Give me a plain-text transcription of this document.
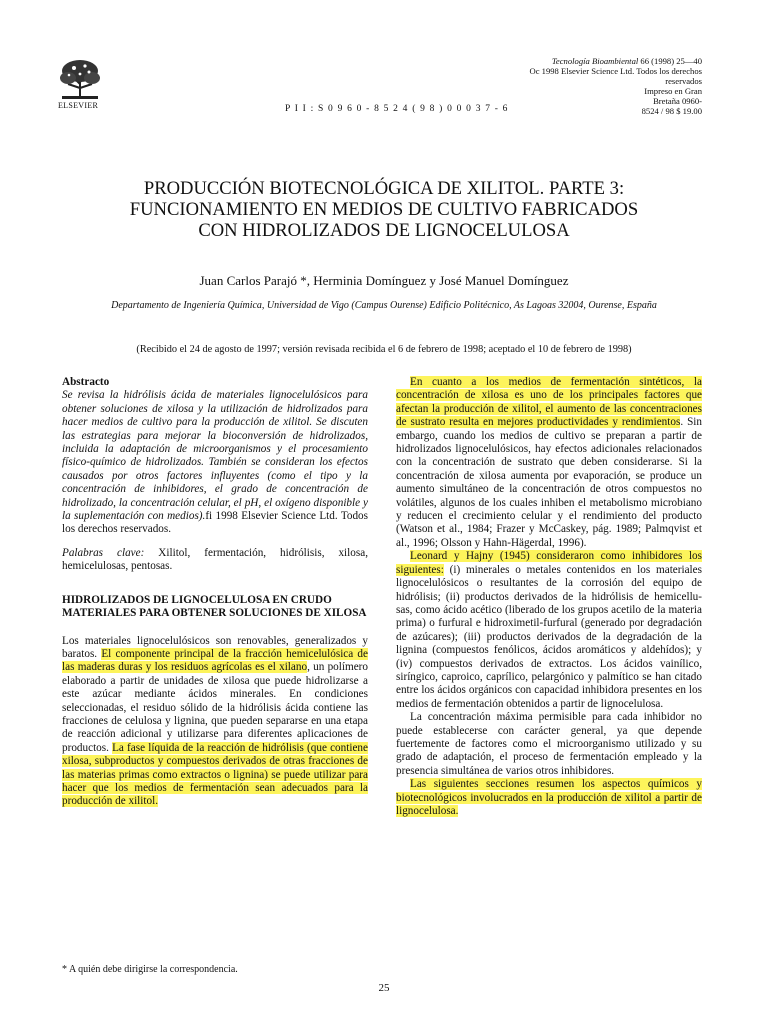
ELSEVIER	P I I : S 0 9 6 0 - 8 5 2 4 ( 9 8 ) 0 0 0 3 7 - 6
Tecnología Bioambiental 66 (1998) 25—40
Oc 1998 Elsevier Science Ltd. Todos los derechos
reservados
Impreso en Gran
Bretaña 0960-
8524 / 98 $ 19.00
PRODUCCIÓN BIOTECNOLÓGICA DE XILITOL. PARTE 3:
FUNCIONAMIENTO EN MEDIOS DE CULTIVO FABRICADOS
CON HIDROLIZADOS DE LIGNOCELULOSA
Juan Carlos Parajó *, Herminia Domínguez y José Manuel Domínguez
Departamento de Ingeniería Química, Universidad de Vigo (Campus Ourense) Edificio Politécnico, As Lagoas 32004, Ourense, España
(Recibido el 24 de agosto de 1997; versión revisada recibida el 6 de febrero de 1998; aceptado el 10 de febrero de 1998)
Abstracto

Se revisa la hidrólisis ácida de materiales lignocelulósicos para obtener soluciones de xilosa y la utilización de hidrolizados para hacer medios de cultivo para la producción de xilitol. Se discuten las estrategias para mejorar la bioconversión de hidrolizados, incluida la adaptación de microorganismos y el procesamiento físico-químico de hidrolizados. También se consideran los efectos causados por otros factores influyentes (como el tipo y la concentración de inhibidores, el grado de concentración de hidrolizado, la concentración celular, el pH, el oxígeno disponible y la suplementación con medios).fi 1998 Elsevier Science Ltd. Todos los derechos reservados.

Palabras clave: Xilitol, fermentación, hidrólisis, xilosa, hemicelulosas, pentosas.

HIDROLIZADOS DE LIGNOCELULOSA EN CRUDO MATERIALES PARA OBTENER SOLUCIONES DE XILOSA

Los materiales lignocelulósicos son renovables, generalizados y baratos. El componente principal de la fracción hemicelulósica de las maderas duras y los residuos agrícolas es el xilano, un polímero elaborado a partir de unidades de xilosa que puede hidrolizarse a este azúcar mediante ácidos minerales. En condiciones seleccionadas, el residuo sólido de la hidrólisis ácida contiene las fracciones de celulosa y lignina, que pueden separarse en una etapa de reacción adicional y utilizarse para diferentes aplicaciones de productos. La fase líquida de la reacción de hidrólisis (que contiene xilosa, subproductos y compuestos derivados de otras fracciones de las materias primas como extractos o lignina) se puede utilizar para hacer que los medios de fermentación sean adecuados para la producción de xilitol.

En cuanto a los medios de fermentación sintéticos, la concentración de xilosa es uno de los principales factores que afectan la producción de xilitol, el aumento de las concentraciones de sustrato resulta en mejores productividades y rendimientos. Sin embargo, cuando los medios de cultivo se preparan a partir de hidrolizados lignocelulósicos, hay efectos adicionales relacionados con la concentración de sustrato que deben considerarse. Si la concentración de xilosa aumenta por evaporación, se produce un aumento simultáneo de la concentración de otros compuestos no volátiles, algunos de los cuales inhiben el metabolismo microbiano y reducen el crecimiento celular y el rendimiento del producto (Watson et al., 1984; Frazer y McCaskey, pág. 1989; Palmqvist et al., 1996; Olsson y Hahn-Hägerdal, 1996).

Leonard y Hajny (1945) consideraron como inhibidores los siguientes: (i) minerales o metales contenidos en los materiales lignocelulósicos o resultantes de la corrosión del equipo de hidrólisis; (ii) productos derivados de la hidrólisis de hemicellu- sas, como ácido acético (liberado de los grupos acetilo de la materia prima) o furfural e hidroximetil-furfural (generado por degradación de azúcares); (iii) productos derivados de la degradación de la lignina (compuestos fenólicos, ácidos aromáticos y aldehídos); y (iv) compuestos derivados de extractos. Los ácidos vainílico, siríngico, caproico, caprílico, pelargónico y palmítico se han citado entre los ácidos orgánicos con capacidad inhibidora presentes en los medios de fermentación obtenidos a partir de lignocelulosa.

La concentración máxima permisible para cada inhibidor no puede establecerse con carácter general, ya que depende fuertemente de factores como el microorganismo utilizado y su grado de adaptación, el proceso de fermentación empleado y la presencia simultánea de varios otros inhibidores.

Las siguientes secciones resumen los aspectos químicos y biotecnológicos involucrados en la producción de xilitol a partir de lignocelulosa.

* A quién debe dirigirse la correspondencia.
25
